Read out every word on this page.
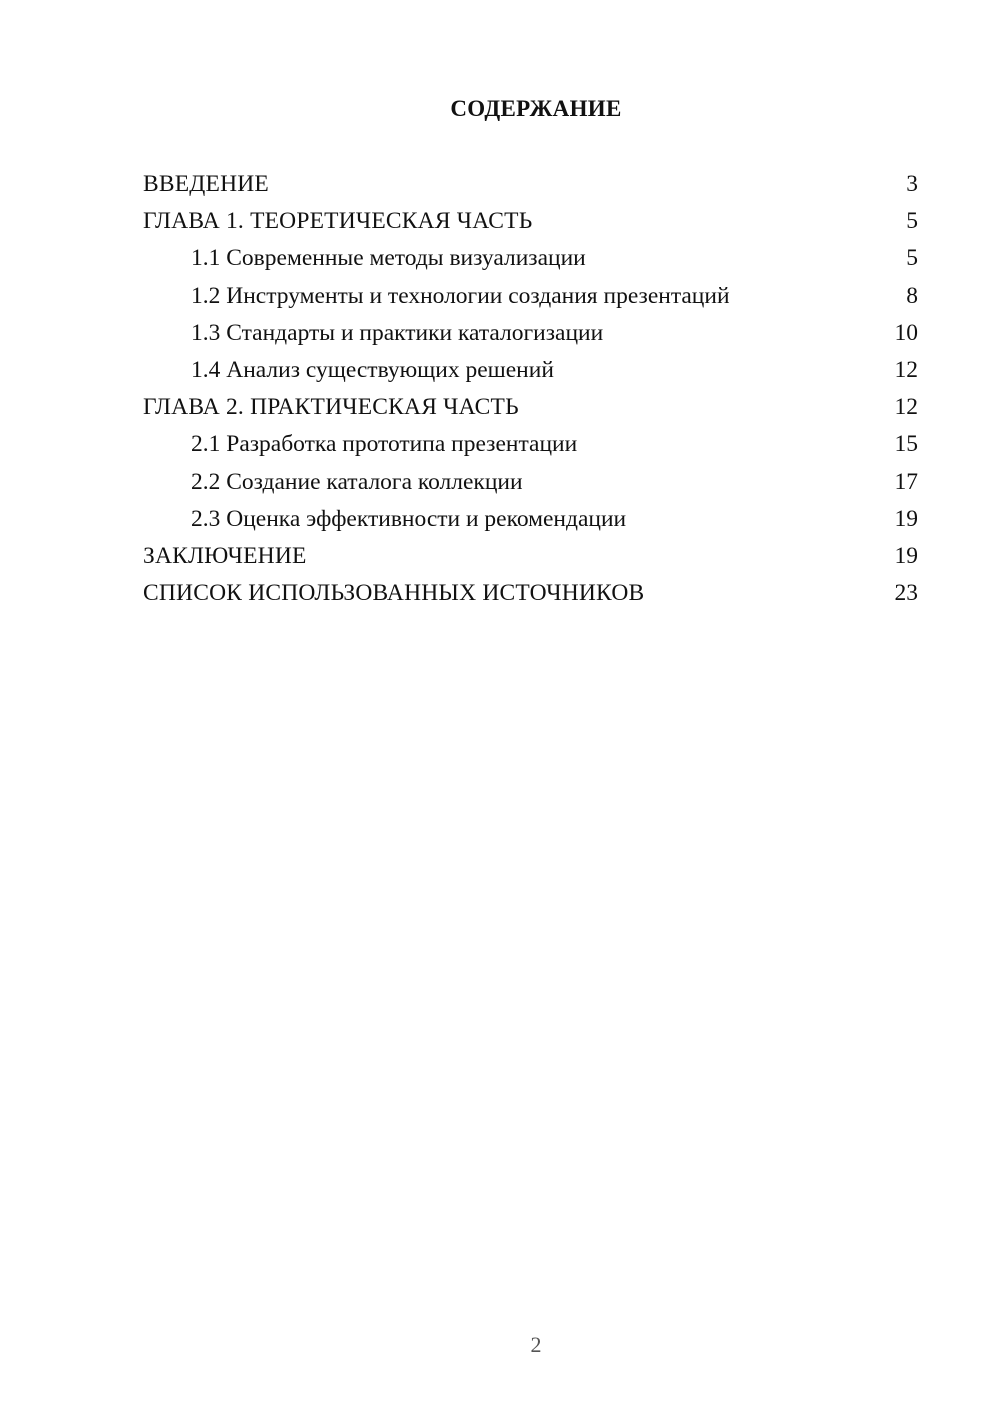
СОДЕРЖАНИЕ
ВВЕДЕНИЕ	3
ГЛАВА 1. ТЕОРЕТИЧЕСКАЯ ЧАСТЬ	5
1.1 Современные методы визуализации	5
1.2 Инструменты и технологии создания презентаций	8
1.3 Стандарты и практики каталогизации	10
1.4 Анализ существующих решений	12
ГЛАВА 2. ПРАКТИЧЕСКАЯ ЧАСТЬ	12
2.1 Разработка прототипа презентации	15
2.2 Создание каталога коллекции	17
2.3 Оценка эффективности и рекомендации	19
ЗАКЛЮЧЕНИЕ	19
СПИСОК ИСПОЛЬЗОВАННЫХ ИСТОЧНИКОВ	23
2
